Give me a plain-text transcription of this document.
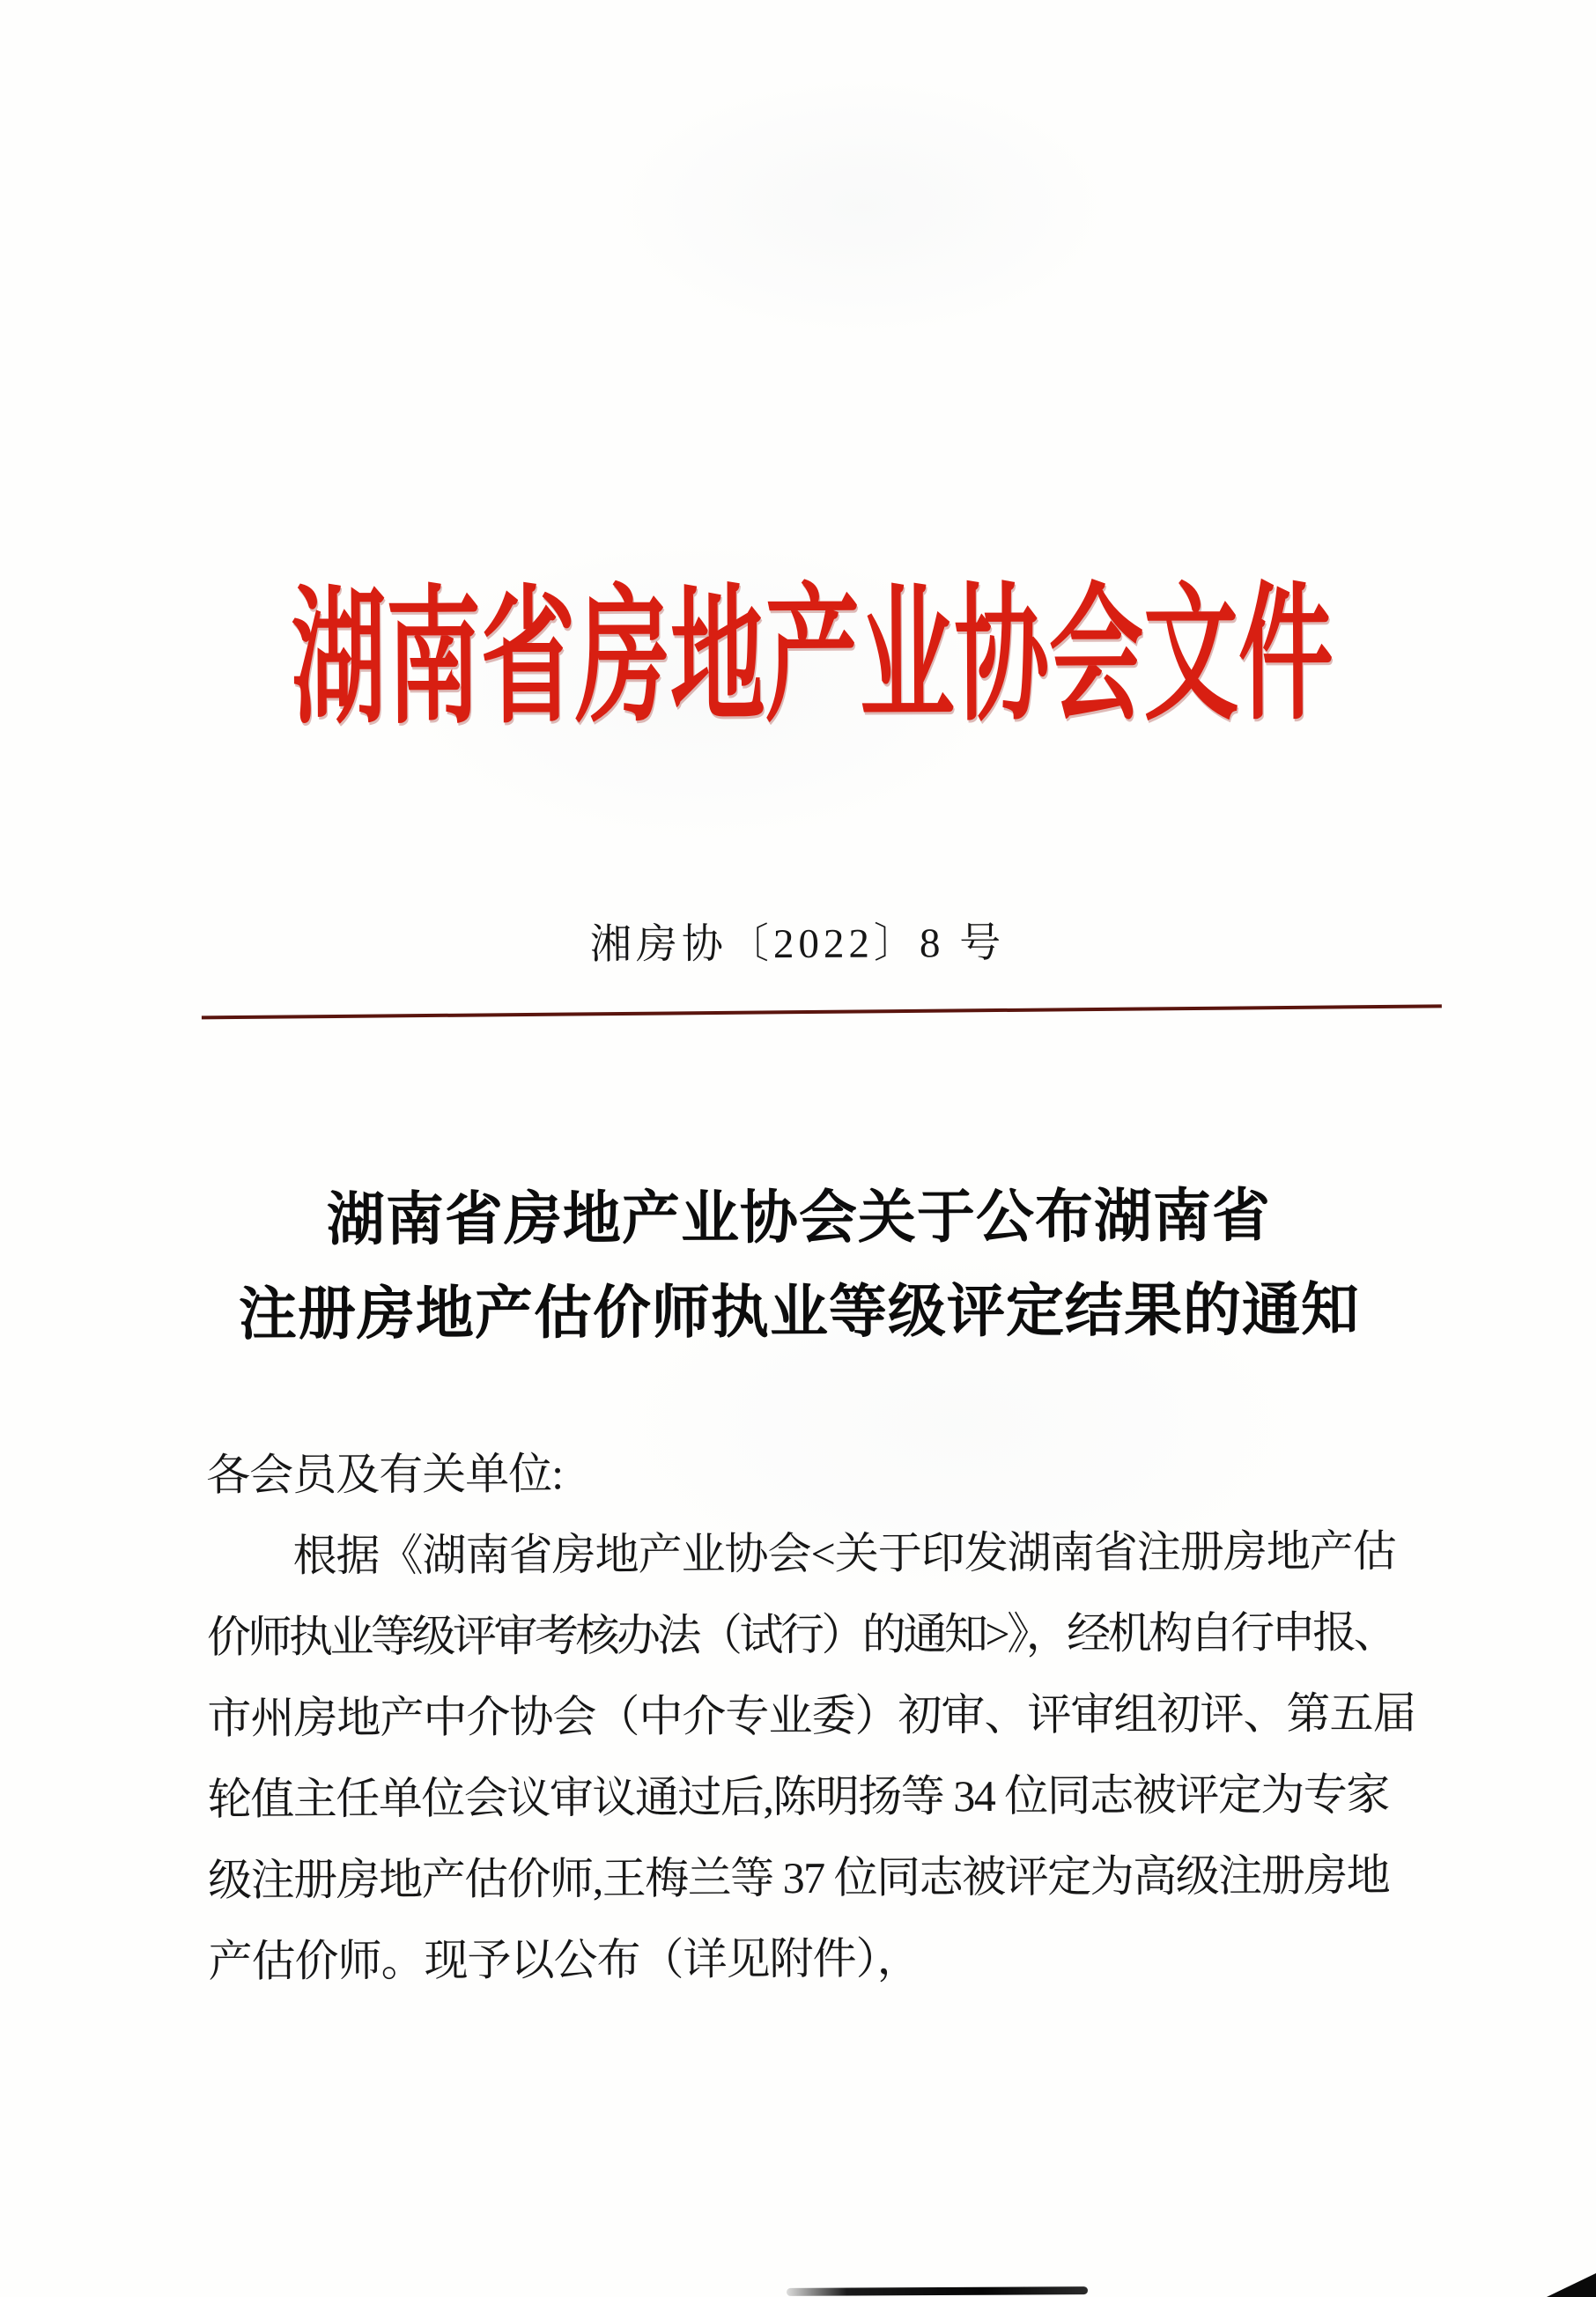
湖南省房地产业协会文件
湘房协〔2022〕8 号
湖南省房地产业协会关于公布湖南省
注册房地产估价师执业等级评定结果的通知
各会员及有关单位:
　　根据《湖南省房地产业协会<关于印发湖南省注册房地产估
价师执业等级评审考核办法（试行）的通知>》，经机构自行申报、
市州房地产中介协会（中介专业委）初审、评审组初评、第五届
轮值主任单位会议审议通过后,陈明扬等 34 位同志被评定为专家
级注册房地产估价师,王梅兰等 37 位同志被评定为高级注册房地
产估价师。现予以公布（详见附件），
